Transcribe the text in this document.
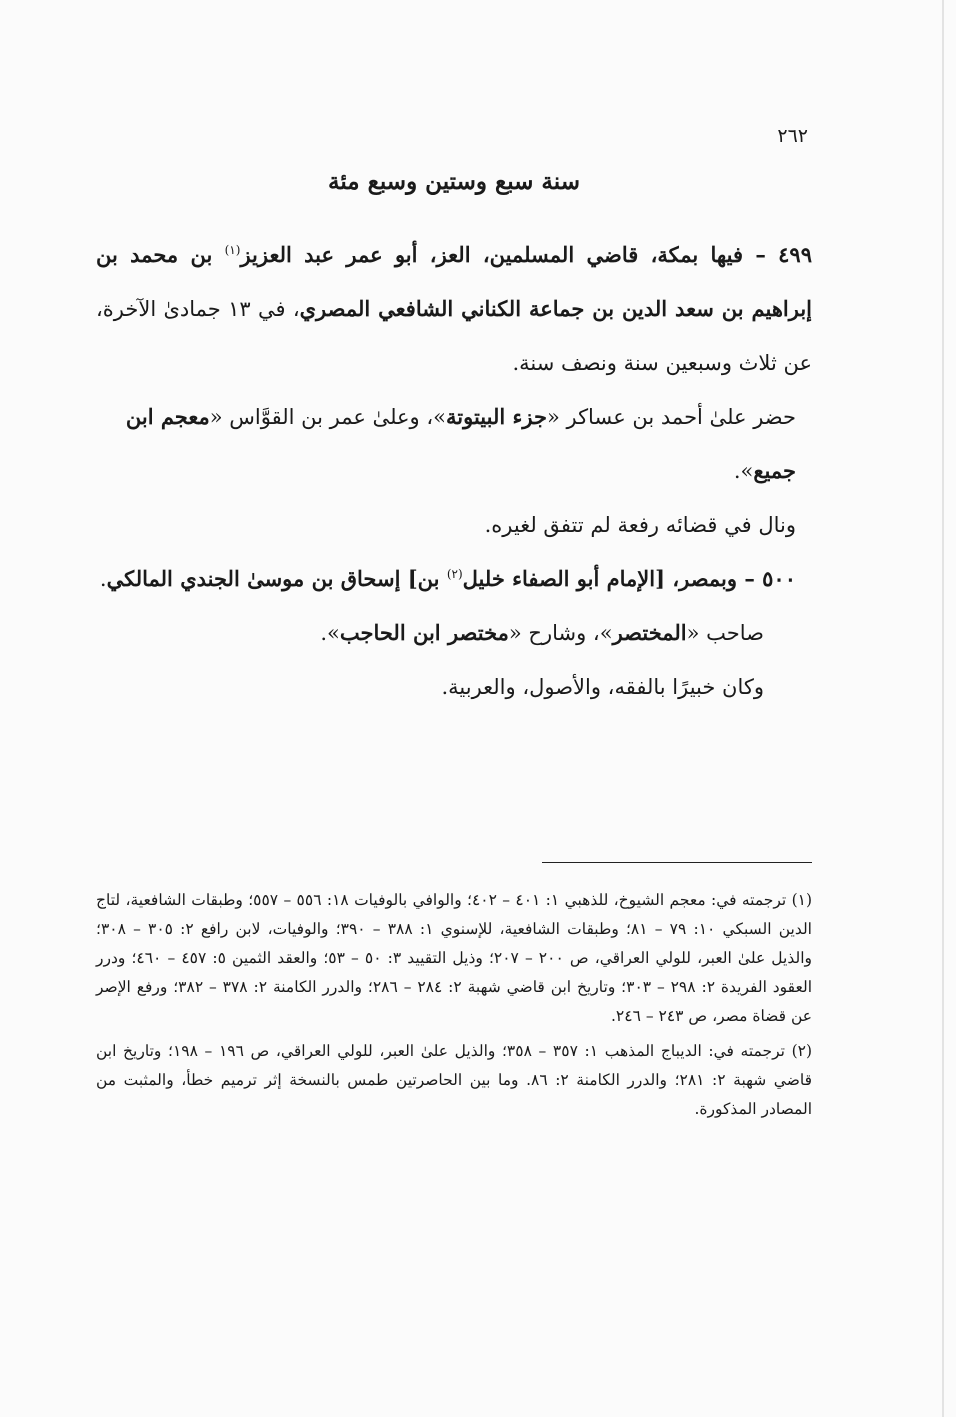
٢٦٢
سنة سبع وستين وسبع مئة

٤٩٩ – فيها بمكة، قاضي المسلمين، العز، أبو عمر عبد العزيز$^{(١)}$ بن محمد بن إبراهيم بن سعد الدين بن جماعة الكناني الشافعي المصري، في ١٣ جمادىٰ الآخرة، عن ثلاث وسبعين سنة ونصف سنة.

حضر علىٰ أحمد بن عساكر «جزء البيتوتة»، وعلىٰ عمر بن القوَّاس «معجم ابن جميع».

ونال في قضائه رفعة لم تتفق لغيره.

٥٠٠ – وبمصر، [الإمام أبو الصفاء خليل$^{(٢)}$ بن] إسحاق بن موسىٰ الجندي المالكي.

صاحب «المختصر»، وشارح «مختصر ابن الحاجب».

وكان خبيرًا بالفقه، والأصول، والعربية.

(١) ترجمته في: معجم الشيوخ، للذهبي ١: ٤٠١ – ٤٠٢؛ والوافي بالوفيات ١٨: ٥٥٦ – ٥٥٧؛ وطبقات الشافعية، لتاج الدين السبكي ١٠: ٧٩ – ٨١؛ وطبقات الشافعية، للإسنوي ١: ٣٨٨ – ٣٩٠؛ والوفيات، لابن رافع ٢: ٣٠٥ – ٣٠٨؛ والذيل علىٰ العبر، للولي العراقي، ص ٢٠٠ – ٢٠٧؛ وذيل التقييد ٣: ٥٠ – ٥٣؛ والعقد الثمين ٥: ٤٥٧ – ٤٦٠؛ ودرر العقود الفريدة ٢: ٢٩٨ – ٣٠٣؛ وتاريخ ابن قاضي شهبة ٢: ٢٨٤ – ٢٨٦؛ والدرر الكامنة ٢: ٣٧٨ – ٣٨٢؛ ورفع الإصر عن قضاة مصر، ص ٢٤٣ – ٢٤٦.

(٢) ترجمته في: الديباج المذهب ١: ٣٥٧ – ٣٥٨؛ والذيل علىٰ العبر، للولي العراقي، ص ١٩٦ – ١٩٨؛ وتاريخ ابن قاضي شهبة ٢: ٢٨١؛ والدرر الكامنة ٢: ٨٦. وما بين الحاصرتين طمس بالنسخة إثر ترميم خطأ، والمثبت من المصادر المذكورة.
